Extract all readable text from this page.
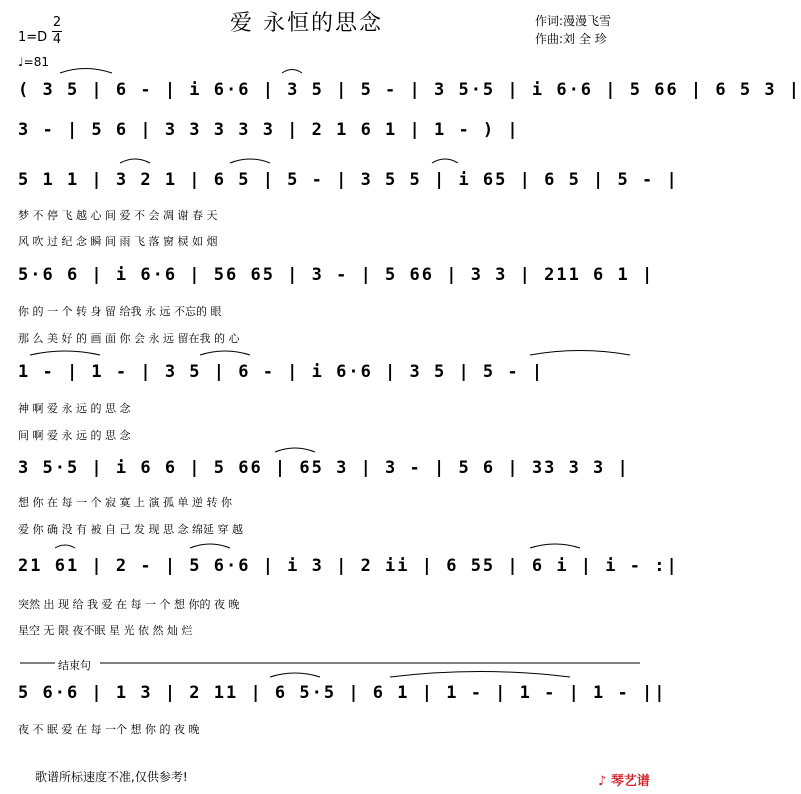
爱 永恒的思念	作词:漫漫飞雪
作曲:刘 全 珍
1=D
2
4
♩=81
( 3 5 | 6 - | i 6·6 | 3 5 | 5 - | 3 5·5 | i 6·6 | 5 66 | 6 5 3 |
3 - | 5 6 | 3 3 3 3 3 | 2 1 6 1 | 1 - ) |
5 1 1 | 3 2 1 | 6 5 | 5 - | 3 5 5 | i 65 | 6 5 | 5 - |
梦 不 停 飞 越 心 间 爱 不 会 凋 谢 春 天
风 吹 过 纪 念 瞬 间 雨 飞 落 窗 棂 如 烟
5·6 6 | i 6·6 | 56 65 | 3 - | 5 66 | 3 3 | 211 6 1 |
你 的 一 个 转 身 留 给我 永 远 不忘的 眼
那 么 美 好 的 画 面 你 会 永 远 留在我 的 心
1 - | 1 - | 3 5 | 6 - | i 6·6 | 3 5 | 5 - |
神 啊 爱 永 远 的 思 念
间 啊 爱 永 远 的 思 念
3 5·5 | i 6 6 | 5 66 | 65 3 | 3 - | 5 6 | 33 3 3 |
想 你 在 每 一 个 寂 寞 上 演 孤 单 逆 转 你
爱 你 确 没 有 被 自 己 发 现 思 念 绵延 穿 越
21 61 | 2 - | 5 6·6 | i 3 | 2 ii | 6 55 | 6 i | i - :|
突然 出 现 给 我 爱 在 每 一 个 想 你的 夜 晚
星空 无 限 夜不眠 星 光 依 然 灿 烂
结束句
5 6·6 | 1 3 | 2 11 | 6 5·5 | 6 1 | 1 - | 1 - | 1 - ||
夜 不 眠 爱 在 每 一个 想 你 的 夜 晚
歌谱所标速度不准,仅供参考!	♪ 琴艺谱
